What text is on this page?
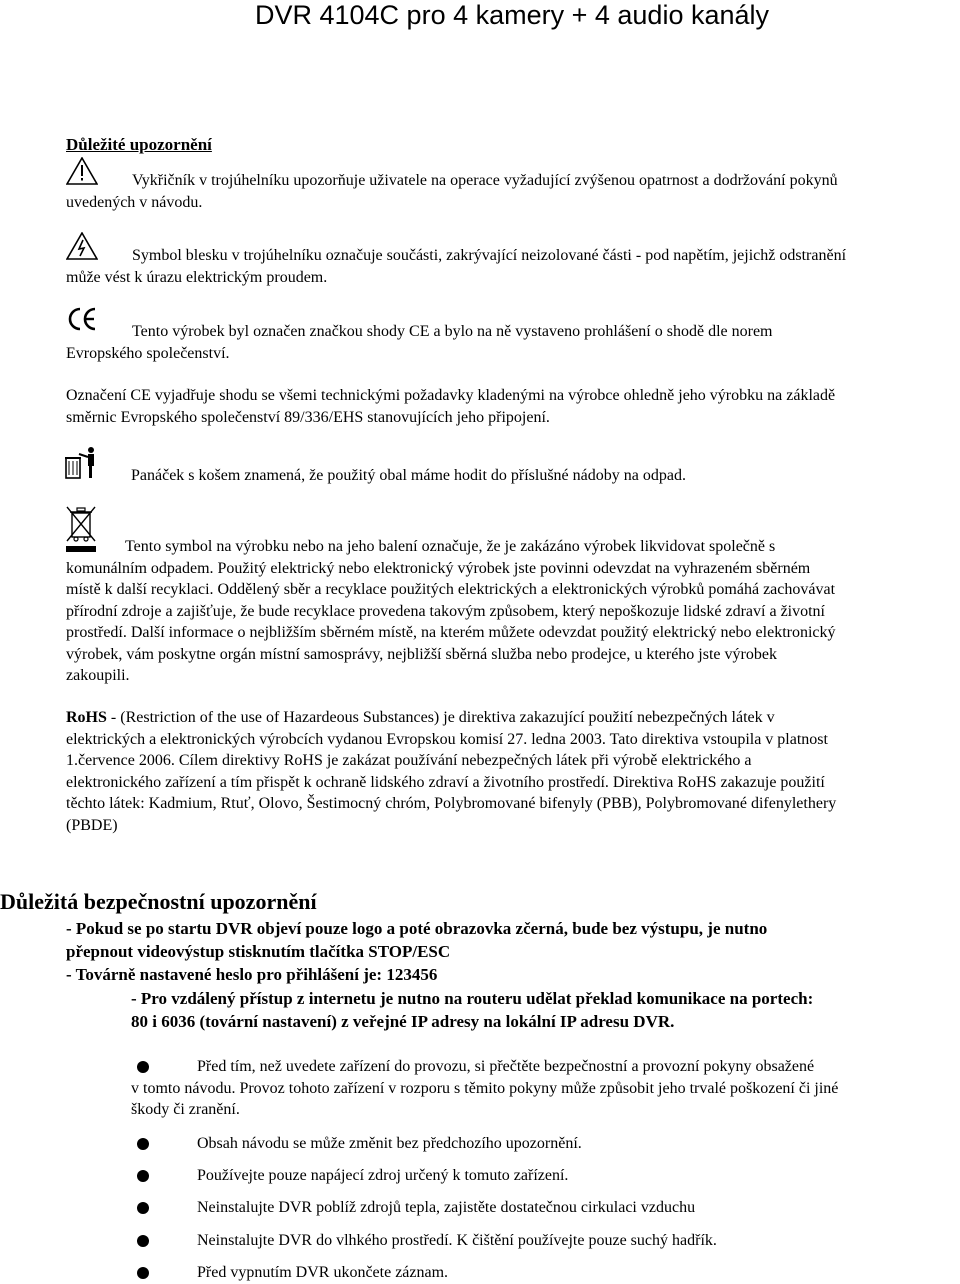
DVR 4104C pro 4 kamery + 4 audio kanály
Důležité upozornění
Vykřičník v trojúhelníku upozorňuje uživatele na operace vyžadující zvýšenou opatrnost a dodržování pokynů
uvedených v návodu.
Symbol blesku v trojúhelníku označuje součásti, zakrývající neizolované části - pod napětím, jejichž odstranění
může vést k úrazu elektrickým proudem.
Tento výrobek byl označen značkou shody CE a bylo na ně vystaveno prohlášení o shodě dle norem
Evropského společenství.
Označení CE vyjadřuje shodu se všemi technickými požadavky kladenými na výrobce ohledně jeho výrobku na základě
směrnic Evropského společenství 89/336/EHS stanovujících jeho připojení.
Panáček s košem znamená, že použitý obal máme hodit do příslušné nádoby na odpad.
Tento symbol na výrobku nebo na jeho balení označuje, že je zakázáno výrobek likvidovat společně s
komunálním odpadem. Použitý elektrický nebo elektronický výrobek jste povinni odevzdat na vyhrazeném sběrném
místě k další recyklaci. Oddělený sběr a recyklace použitých elektrických a elektronických výrobků pomáhá zachovávat
přírodní zdroje a zajišťuje, že bude recyklace provedena takovým způsobem, který nepoškozuje lidské zdraví a životní
prostředí. Další informace o nejbližším sběrném místě, na kterém můžete odevzdat použitý elektrický nebo elektronický
výrobek, vám poskytne orgán místní samosprávy, nejbližší sběrná služba nebo prodejce, u kterého jste výrobek
zakoupili.
RoHS - (Restriction of the use of Hazardeous Substances) je direktiva zakazující použití nebezpečných látek v
elektrických a elektronických výrobcích vydanou Evropskou komisí 27. ledna 2003. Tato direktiva vstoupila v platnost
1.července 2006. Cílem direktivy RoHS je zakázat používání nebezpečných látek při výrobě elektrického a
elektronického zařízení a tím přispět k ochraně lidského zdraví a životního prostředí. Direktiva RoHS zakazuje použití
těchto látek: Kadmium, Rtuť, Olovo, Šestimocný chróm, Polybromované bifenyly (PBB), Polybromované difenylethery
(PBDE)
Důležitá bezpečnostní upozornění
- Pokud se po startu DVR objeví pouze logo a poté obrazovka zčerná, bude bez výstupu, je nutno
přepnout videovýstup stisknutím tlačítka STOP/ESC
- Továrně nastavené heslo pro přihlášení je: 123456
- Pro vzdálený přístup z internetu je nutno na routeru udělat překlad komunikace na portech:
80 i 6036 (tovární nastavení) z veřejné IP adresy na lokální IP adresu DVR.
Před tím, než uvedete zařízení do provozu, si přečtěte bezpečnostní a provozní pokyny obsažené
v tomto návodu. Provoz tohoto zařízení v rozporu s těmito pokyny může způsobit jeho trvalé poškození či jiné
škody či zranění.
Obsah návodu se může změnit bez předchozího upozornění.
Používejte pouze napájecí zdroj určený k tomuto zařízení.
Neinstalujte DVR poblíž zdrojů tepla, zajistěte dostatečnou cirkulaci vzduchu
Neinstalujte DVR do vlhkého prostředí. K čištění používejte pouze suchý hadřík.
Před vypnutím DVR ukončete záznam.
